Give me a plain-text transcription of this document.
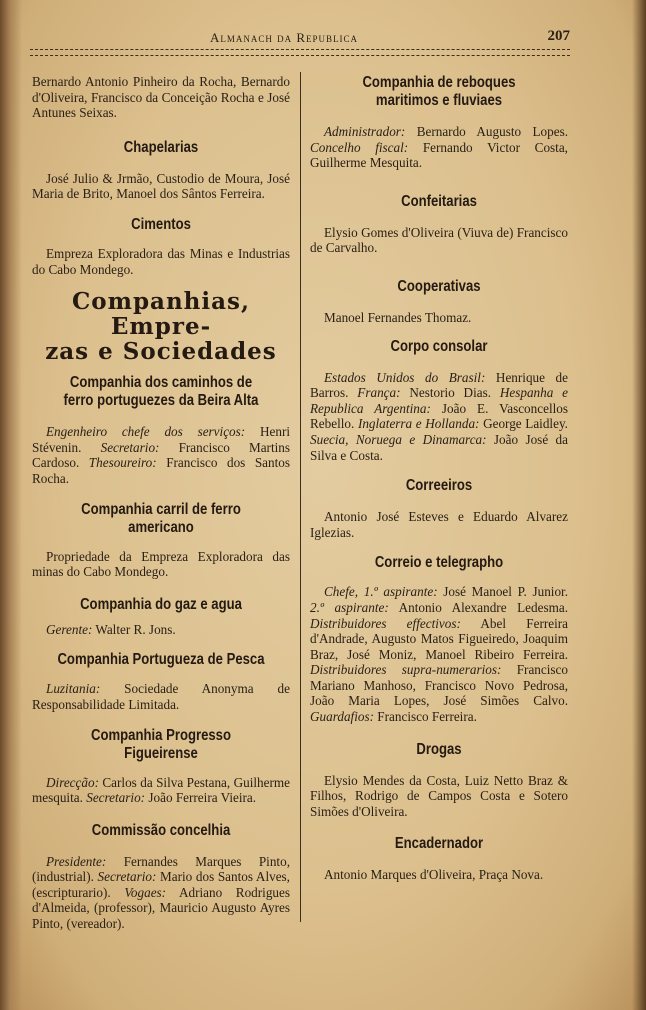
Almanach da Republica	207

Bernardo Antonio Pinheiro da Rocha, Bernardo d'Oliveira, Francisco da Conceição Rocha e José Antunes Seixas.

Chapelarias

José Julio & Jrmão, Custodio de Moura, José Maria de Brito, Manoel dos Sântos Ferreira.

Cimentos

Empreza Exploradora das Minas e Industrias do Cabo Mondego.

Companhias, Empre-
zas e Sociedades
Companhia dos caminhos de ferro portuguezes da Beira Alta

Engenheiro chefe dos serviços: Henri Stévenin. Secretario: Francisco Martins Cardoso. Thesoureiro: Francisco dos Santos Rocha.

Companhia carril de ferro americano

Propriedade da Empreza Exploradora das minas do Cabo Mondego.

Companhia do gaz e agua

Gerente: Walter R. Jons.

Companhia Portugueza de Pesca

Luzitania: Sociedade Anonyma de Responsabilidade Limitada.

Companhia Progresso Figueirense

Direcção: Carlos da Silva Pestana, Guilherme mesquita. Secretario: João Ferreira Vieira.

Commissão concelhia

Presidente: Fernandes Marques Pinto, (industrial). Secretario: Mario dos Santos Alves, (escripturario). Vogaes: Adriano Rodrigues d'Almeida, (professor), Mauricio Augusto Ayres Pinto, (vereador).

Companhia de reboques maritimos e fluviaes

Administrador: Bernardo Augusto Lopes. Concelho fiscal: Fernando Victor Costa, Guilherme Mesquita.

Confeitarias

Elysio Gomes d'Oliveira (Viuva de) Francisco de Carvalho.

Cooperativas

Manoel Fernandes Thomaz.

Corpo consolar

Estados Unidos do Brasil: Henrique de Barros. França: Nestorio Dias. Hespanha e Republica Argentina: João E. Vasconcellos Rebello. Inglaterra e Hollanda: George Laidley. Suecia, Noruega e Dinamarca: João José da Silva e Costa.

Correeiros

Antonio José Esteves e Eduardo Alvarez Iglezias.

Correio e telegrapho

Chefe, 1.º aspirante: José Manoel P. Junior. 2.º aspirante: Antonio Alexandre Ledesma. Distribuidores effectivos: Abel Ferreira d'Andrade, Augusto Matos Figueiredo, Joaquim Braz, José Moniz, Manoel Ribeiro Ferreira. Distribuidores supra-numerarios: Francisco Mariano Manhoso, Francisco Novo Pedrosa, João Maria Lopes, José Simões Calvo. Guardafios: Francisco Ferreira.

Drogas

Elysio Mendes da Costa, Luiz Netto Braz & Filhos, Rodrigo de Campos Costa e Sotero Simões d'Oliveira.

Encadernador

Antonio Marques d'Oliveira, Praça Nova.
